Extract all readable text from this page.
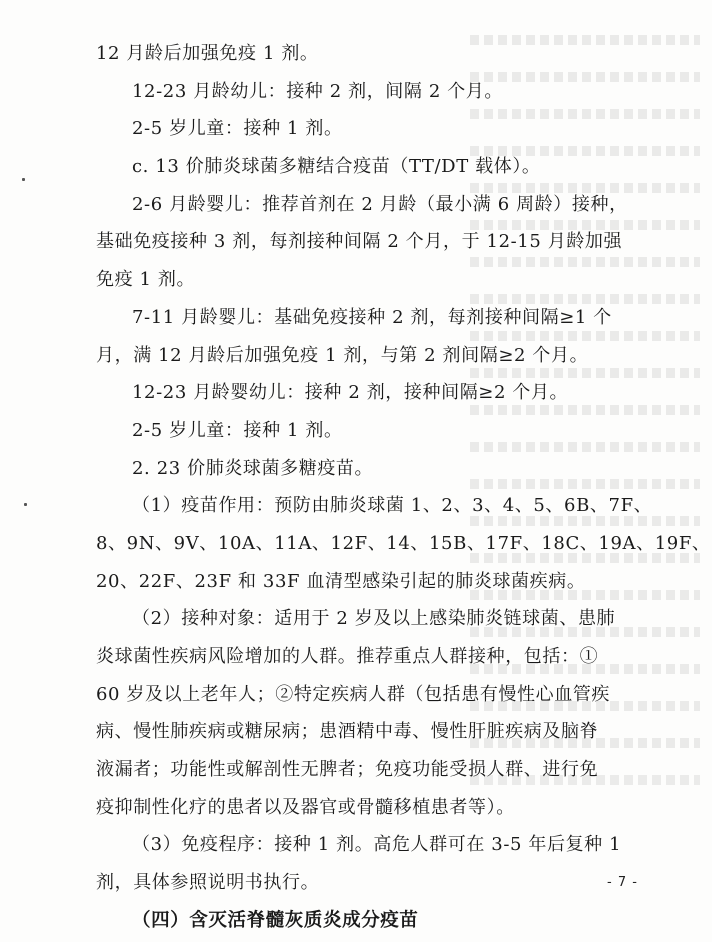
12 月龄后加强免疫 1 剂。
12-23 月龄幼儿：接种 2 剂，间隔 2 个月。
2-5 岁儿童：接种 1 剂。
c. 13 价肺炎球菌多糖结合疫苗（TT/DT 载体）。
2-6 月龄婴儿：推荐首剂在 2 月龄（最小满 6 周龄）接种，
基础免疫接种 3 剂，每剂接种间隔 2 个月，于 12-15 月龄加强
免疫 1 剂。
7-11 月龄婴儿：基础免疫接种 2 剂，每剂接种间隔≥1 个
月，满 12 月龄后加强免疫 1 剂，与第 2 剂间隔≥2 个月。
12-23 月龄婴幼儿：接种 2 剂，接种间隔≥2 个月。
2-5 岁儿童：接种 1 剂。
2. 23 价肺炎球菌多糖疫苗。
（1）疫苗作用：预防由肺炎球菌 1、2、3、4、5、6B、7F、
8、9N、9V、10A、11A、12F、14、15B、17F、18C、19A、19F、
20、22F、23F 和 33F 血清型感染引起的肺炎球菌疾病。
（2）接种对象：适用于 2 岁及以上感染肺炎链球菌、患肺
炎球菌性疾病风险增加的人群。推荐重点人群接种，包括：①
60 岁及以上老年人；②特定疾病人群（包括患有慢性心血管疾
病、慢性肺疾病或糖尿病；患酒精中毒、慢性肝脏疾病及脑脊
液漏者；功能性或解剖性无脾者；免疫功能受损人群、进行免
疫抑制性化疗的患者以及器官或骨髓移植患者等）。
（3）免疫程序：接种 1 剂。高危人群可在 3-5 年后复种 1
剂，具体参照说明书执行。
（四）含灭活脊髓灰质炎成分疫苗
- 7 -
